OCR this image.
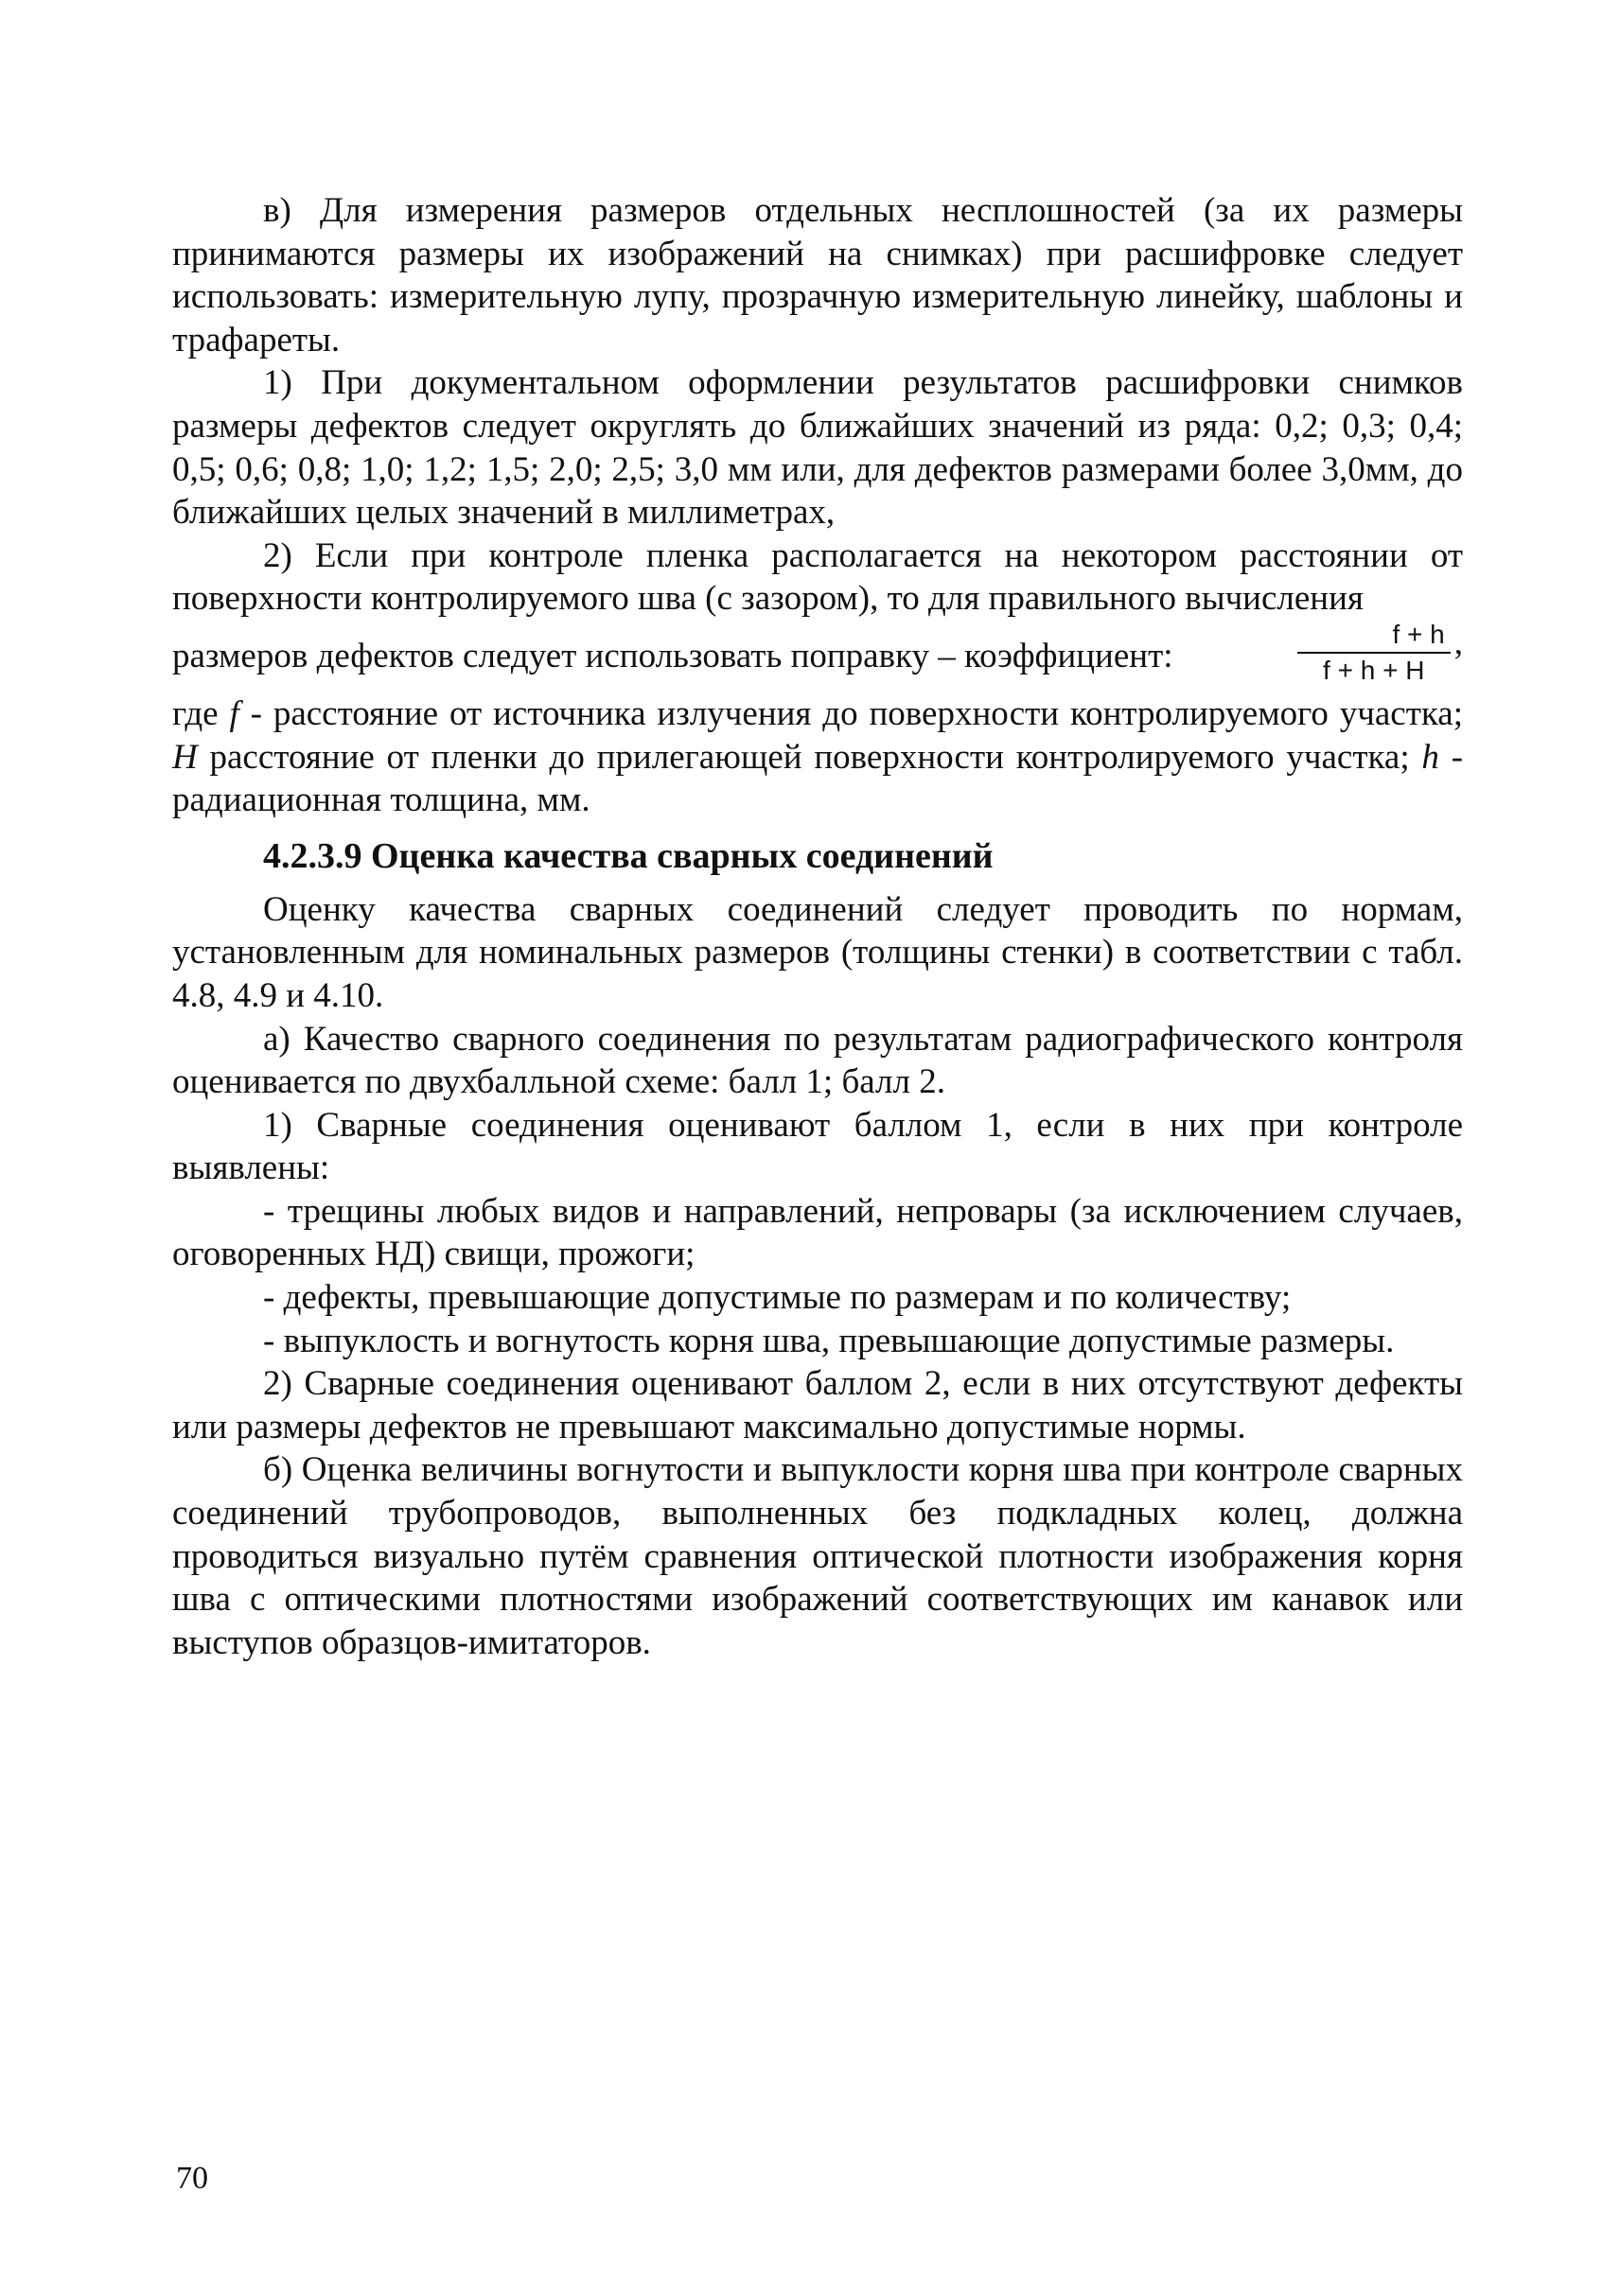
в) Для измерения размеров отдельных несплошностей (за их размеры принимаются размеры их изображений на снимках) при расшифровке следует использовать: измерительную лупу, прозрачную измерительную линейку, шаблоны и трафареты.

1) При документальном оформлении результатов расшифровки снимков размеры дефектов следует округлять до ближайших значений из ряда: 0,2; 0,3; 0,4; 0,5; 0,6; 0,8; 1,0; 1,2; 1,5; 2,0; 2,5; 3,0 мм или, для дефектов размерами более 3,0мм, до ближайших целых значений в миллиметрах,

2) Если при контроле пленка располагается на некотором расстоянии от поверхности контролируемого шва (с зазором), то для правильного вычисления

размеров дефектов следует использовать поправку – коэффициент:	$\frac{f + h}{f + h + H}$ ,

где f - расстояние от источника излучения до поверхности контролируемого участка; H расстояние от пленки до прилегающей поверхности контролируемого участка; h - радиационная толщина, мм.

4.2.3.9 Оценка качества сварных соединений

Оценку качества сварных соединений следует проводить по нормам, установленным для номинальных размеров (толщины стенки) в соответствии с табл. 4.8, 4.9 и 4.10.

а) Качество сварного соединения по результатам радиографического контроля оценивается по двухбалльной схеме: балл 1; балл 2.

1) Сварные соединения оценивают баллом 1, если в них при контроле выявлены:

- трещины любых видов и направлений, непровары (за исключением случаев, оговоренных НД) свищи, прожоги;

- дефекты, превышающие допустимые по размерам и по количеству;

- выпуклость и вогнутость корня шва, превышающие допустимые размеры.

2) Сварные соединения оценивают баллом 2, если в них отсутствуют дефекты или размеры дефектов не превышают максимально допустимые нормы.

б) Оценка величины вогнутости и выпуклости корня шва при контроле сварных соединений трубопроводов, выполненных без подкладных колец, должна проводиться визуально путём сравнения оптической плотности изображения корня шва с оптическими плотностями изображений соответствующих им канавок или выступов образцов-имитаторов.

70
